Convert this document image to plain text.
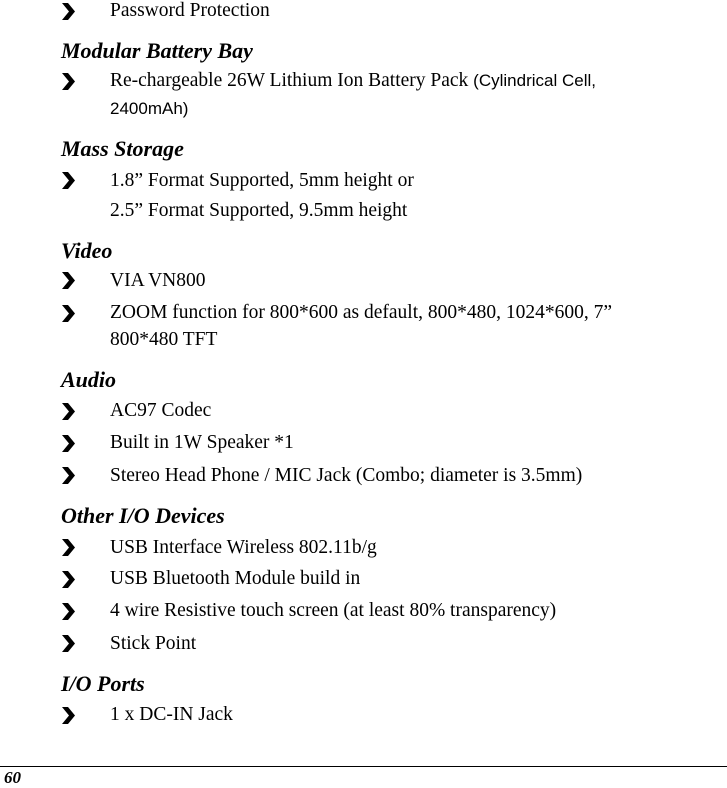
Password Protection
Modular Battery Bay
Re-chargeable 26W Lithium Ion Battery Pack (Cylindrical Cell,
2400mAh)
Mass Storage
1.8” Format Supported, 5mm height or
2.5” Format Supported, 9.5mm height
Video
VIA VN800
ZOOM function for 800*600 as default, 800*480, 1024*600, 7”
800*480 TFT
Audio
AC97 Codec
Built in 1W Speaker *1
Stereo Head Phone / MIC Jack (Combo; diameter is 3.5mm)
Other I/O Devices
USB Interface Wireless 802.11b/g
USB Bluetooth Module build in
4 wire Resistive touch screen (at least 80% transparency)
Stick Point
I/O Ports
1 x DC-IN Jack
60
